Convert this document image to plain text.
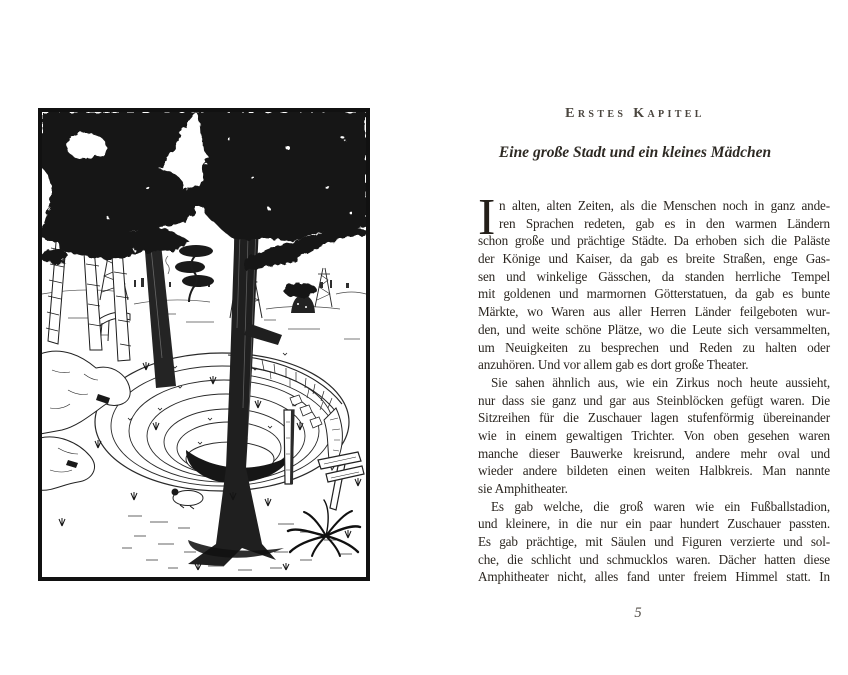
Erstes Kapitel
Eine große Stadt und ein kleines Mädchen
I n alten, alten Zeiten, als die Menschen noch in ganz ande-
ren Sprachen redeten, gab es in den warmen Ländern
schon große und prächtige Städte. Da erhoben sich die Paläste
der Könige und Kaiser, da gab es breite Straßen, enge Gas-
sen und winkelige Gässchen, da standen herrliche Tempel
mit goldenen und marmornen Götterstatuen, da gab es bunte
Märkte, wo Waren aus aller Herren Länder feilgeboten wur-
den, und weite schöne Plätze, wo die Leute sich versammelten,
um Neuigkeiten zu besprechen und Reden zu halten oder
anzuhören. Und vor allem gab es dort große Theater.
Sie sahen ähnlich aus, wie ein Zirkus noch heute aussieht,
nur dass sie ganz und gar aus Steinblöcken gefügt waren. Die
Sitzreihen für die Zuschauer lagen stufenförmig übereinander
wie in einem gewaltigen Trichter. Von oben gesehen waren
manche dieser Bauwerke kreisrund, andere mehr oval und
wieder andere bildeten einen weiten Halbkreis. Man nannte
sie Amphitheater.
Es gab welche, die groß waren wie ein Fußballstadion,
und kleinere, in die nur ein paar hundert Zuschauer passten.
Es gab prächtige, mit Säulen und Figuren verzierte und sol-
che, die schlicht und schmucklos waren. Dächer hatten diese
Amphitheater nicht, alles fand unter freiem Himmel statt. In
5
